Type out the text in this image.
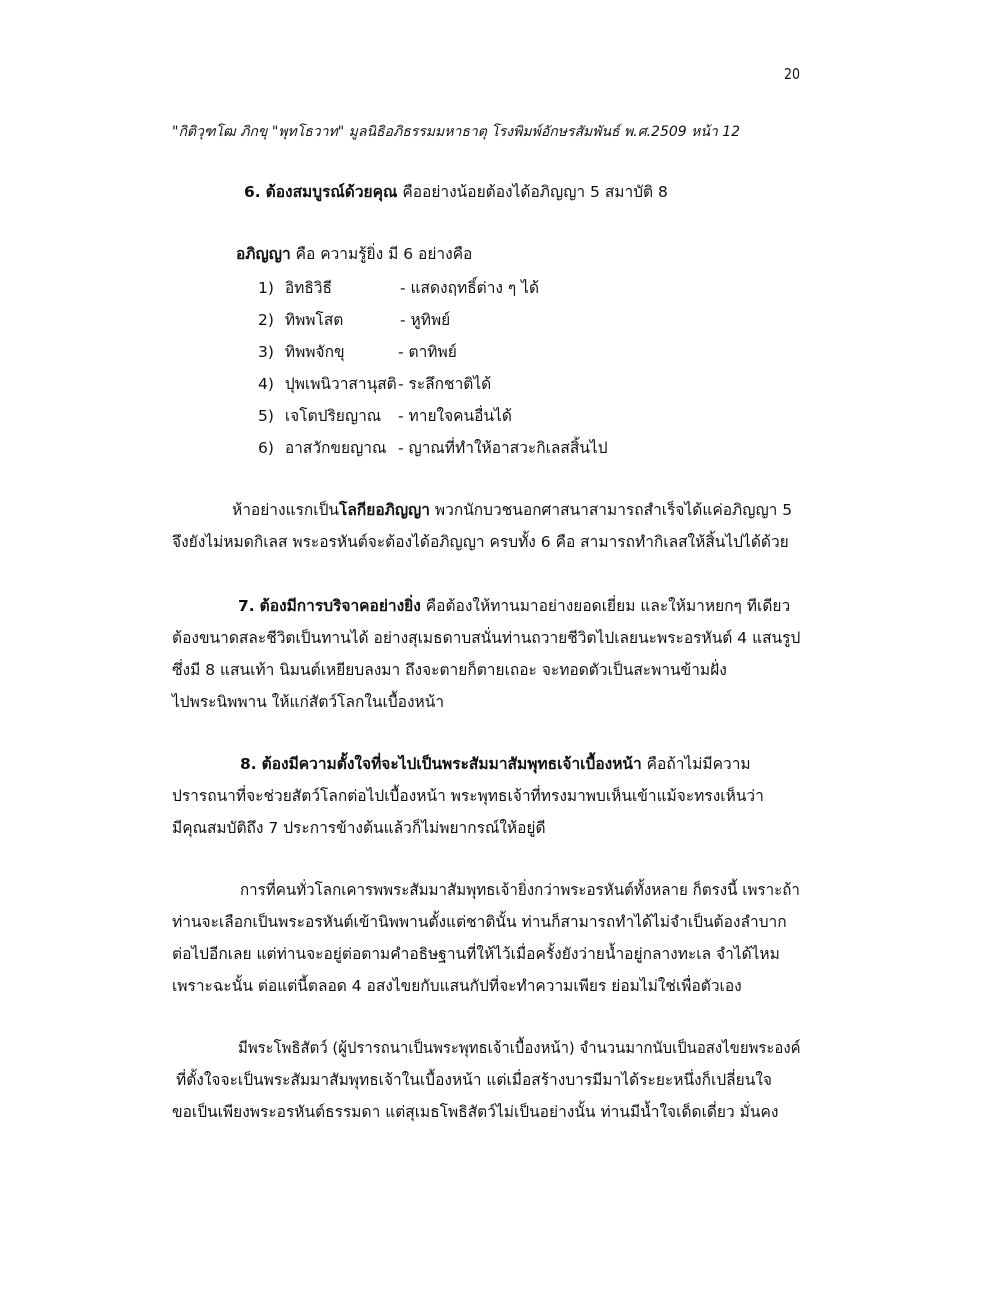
20
"กิติวุฑโฒ ภิกขุ "พุทโธวาท" มูลนิธิอภิธรรมมหาธาตุ โรงพิมพ์อักษรสัมพันธ์ พ.ศ.2509 หน้า 12
6. ต้องสมบูรณ์ด้วยคุณ คืออย่างน้อยต้องได้อภิญญา 5 สมาบัติ 8
อภิญญา คือ ความรู้ยิ่ง มี 6 อย่างคือ
1) อิทธิวิธี	- แสดงฤทธิ์ต่าง ๆ ได้
2) ทิพพโสต	- หูทิพย์
3) ทิพพจักขุ	- ตาทิพย์
4) ปุพเพนิวาสานุสติ - ระลึกชาติได้
5) เจโตปริยญาณ - ทายใจคนอื่นได้
6) อาสวักขยญาณ - ญาณที่ทำให้อาสวะกิเลสสิ้นไป
ห้าอย่างแรกเป็นโลกียอภิญญา พวกนักบวชนอกศาสนาสามารถสำเร็จได้แค่อภิญญา 5
จึงยังไม่หมดกิเลส พระอรหันต์จะต้องได้อภิญญา ครบทั้ง 6 คือ สามารถทำกิเลสให้สิ้นไปได้ด้วย
7. ต้องมีการบริจาคอย่างยิ่ง คือต้องให้ทานมาอย่างยอดเยี่ยม และให้มาหยกๆ ทีเดียว
ต้องขนาดสละชีวิตเป็นทานได้ อย่างสุเมธดาบสนั่นท่านถวายชีวิตไปเลยนะพระอรหันต์ 4 แสนรูป
ซึ่งมี 8 แสนเท้า นิมนต์เหยียบลงมา ถึงจะตายก็ตายเถอะ จะทอดตัวเป็นสะพานข้ามฝั่ง
ไปพระนิพพาน ให้แก่สัตว์โลกในเบื้องหน้า
8. ต้องมีความตั้งใจที่จะไปเป็นพระสัมมาสัมพุทธเจ้าเบื้องหน้า คือถ้าไม่มีความ
ปรารถนาที่จะช่วยสัตว์โลกต่อไปเบื้องหน้า พระพุทธเจ้าที่ทรงมาพบเห็นเข้าแม้จะทรงเห็นว่า
มีคุณสมบัติถึง 7 ประการข้างต้นแล้วก็ไม่พยากรณ์ให้อยู่ดี
การที่คนทั่วโลกเคารพพระสัมมาสัมพุทธเจ้ายิ่งกว่าพระอรหันต์ทั้งหลาย ก็ตรงนี้ เพราะถ้า
ท่านจะเลือกเป็นพระอรหันต์เข้านิพพานตั้งแต่ชาตินั้น ท่านก็สามารถทำได้ไม่จำเป็นต้องลำบาก
ต่อไปอีกเลย แต่ท่านจะอยู่ต่อตามคำอธิษฐานที่ให้ไว้เมื่อครั้งยังว่ายน้ำอยู่กลางทะเล จำได้ไหม
เพราะฉะนั้น ต่อแต่นี้ตลอด 4 อสงไขยกับแสนกัปที่จะทำความเพียร ย่อมไม่ใช่เพื่อตัวเอง
มีพระโพธิสัตว์ (ผู้ปรารถนาเป็นพระพุทธเจ้าเบื้องหน้า) จำนวนมากนับเป็นอสงไขยพระองค์
ที่ตั้งใจจะเป็นพระสัมมาสัมพุทธเจ้าในเบื้องหน้า แต่เมื่อสร้างบารมีมาได้ระยะหนึ่งก็เปลี่ยนใจ
ขอเป็นเพียงพระอรหันต์ธรรมดา แต่สุเมธโพธิสัตว์ไม่เป็นอย่างนั้น ท่านมีน้ำใจเด็ดเดี่ยว มั่นคง
